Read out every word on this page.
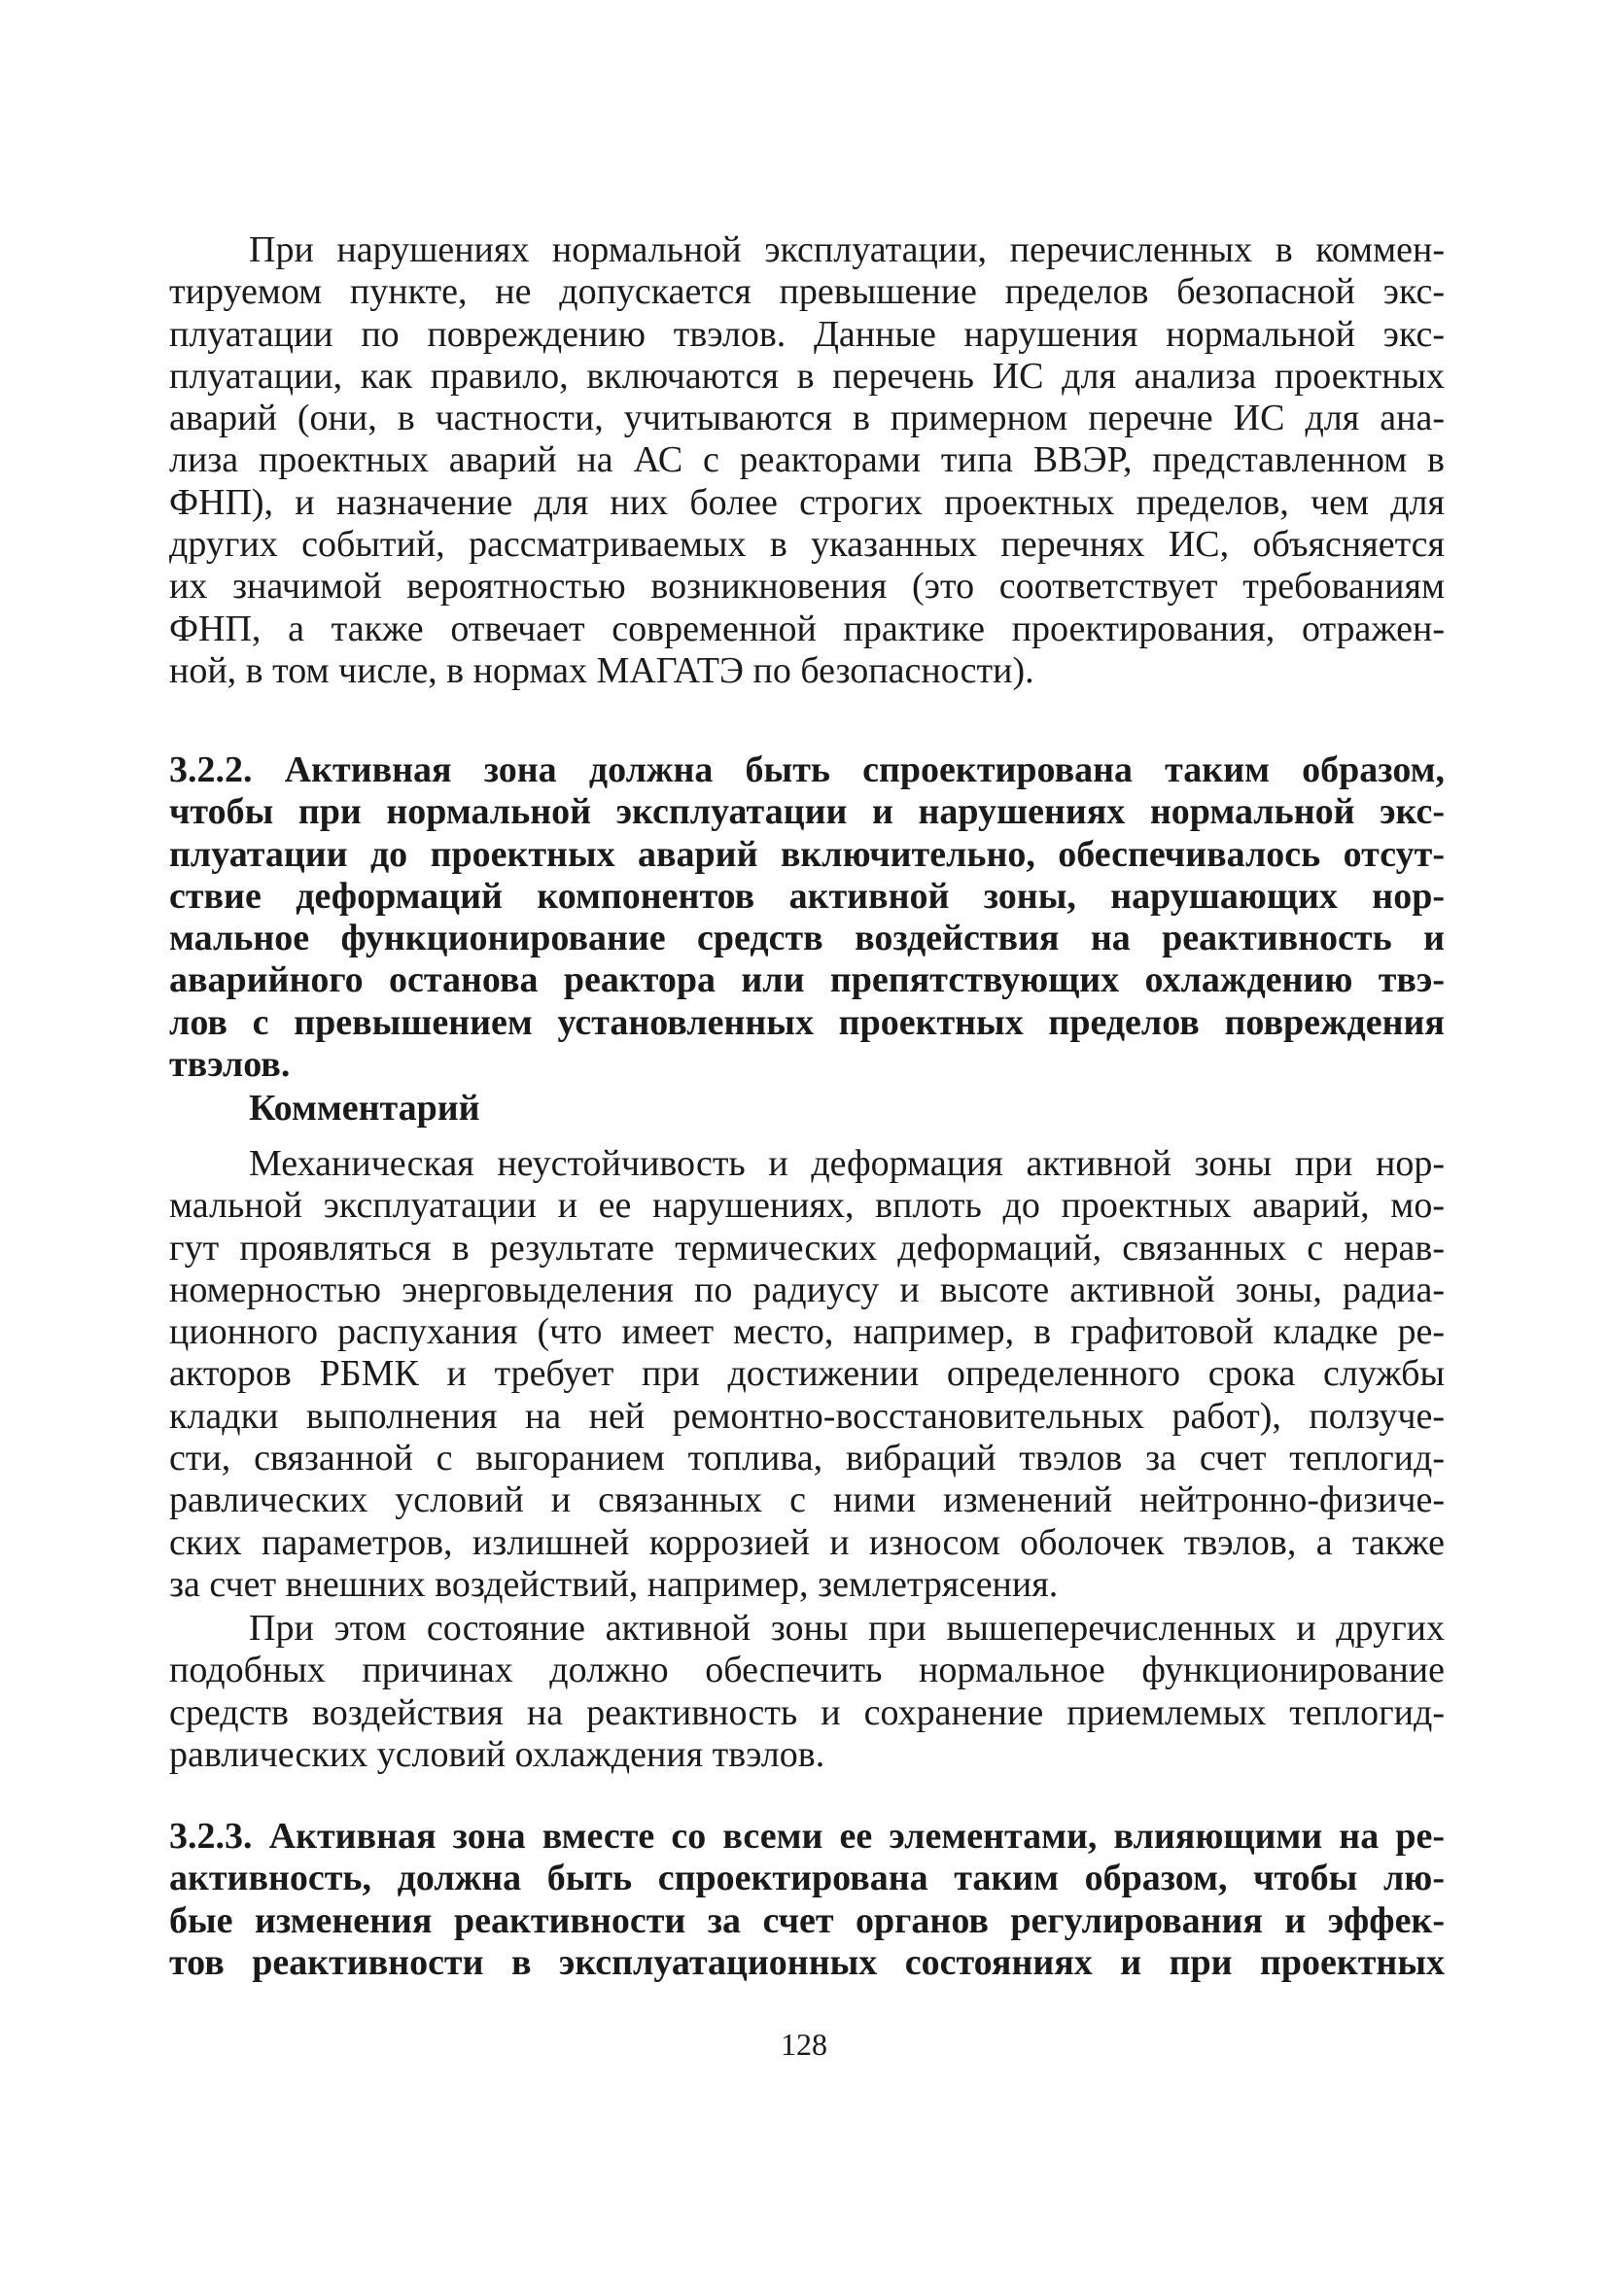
При нарушениях нормальной эксплуатации, перечисленных в коммен-
тируемом пункте, не допускается превышение пределов безопасной экс-
плуатации по повреждению твэлов. Данные нарушения нормальной экс-
плуатации, как правило, включаются в перечень ИС для анализа проектных
аварий (они, в частности, учитываются в примерном перечне ИС для ана-
лиза проектных аварий на АС с реакторами типа ВВЭР, представленном в
ФНП), и назначение для них более строгих проектных пределов, чем для
других событий, рассматриваемых в указанных перечнях ИС, объясняется
их значимой вероятностью возникновения (это соответствует требованиям
ФНП, а также отвечает современной практике проектирования, отражен-
ной, в том числе, в нормах МАГАТЭ по безопасности).
3.2.2. Активная зона должна быть спроектирована таким образом,
чтобы при нормальной эксплуатации и нарушениях нормальной экс-
плуатации до проектных аварий включительно, обеспечивалось отсут-
ствие деформаций компонентов активной зоны, нарушающих нор-
мальное функционирование средств воздействия на реактивность и
аварийного останова реактора или препятствующих охлаждению твэ-
лов с превышением установленных проектных пределов повреждения
твэлов.
Комментарий
Механическая неустойчивость и деформация активной зоны при нор-
мальной эксплуатации и ее нарушениях, вплоть до проектных аварий, мо-
гут проявляться в результате термических деформаций, связанных с нерав-
номерностью энерговыделения по радиусу и высоте активной зоны, радиа-
ционного распухания (что имеет место, например, в графитовой кладке ре-
акторов РБМК и требует при достижении определенного срока службы
кладки выполнения на ней ремонтно-восстановительных работ), ползуче-
сти, связанной с выгоранием топлива, вибраций твэлов за счет теплогид-
равлических условий и связанных с ними изменений нейтронно-физиче-
ских параметров, излишней коррозией и износом оболочек твэлов, а также
за счет внешних воздействий, например, землетрясения.
При этом состояние активной зоны при вышеперечисленных и других
подобных причинах должно обеспечить нормальное функционирование
средств воздействия на реактивность и сохранение приемлемых теплогид-
равлических условий охлаждения твэлов.
3.2.3. Активная зона вместе со всеми ее элементами, влияющими на ре-
активность, должна быть спроектирована таким образом, чтобы лю-
бые изменения реактивности за счет органов регулирования и эффек-
тов реактивности в эксплуатационных состояниях и при проектных
128
